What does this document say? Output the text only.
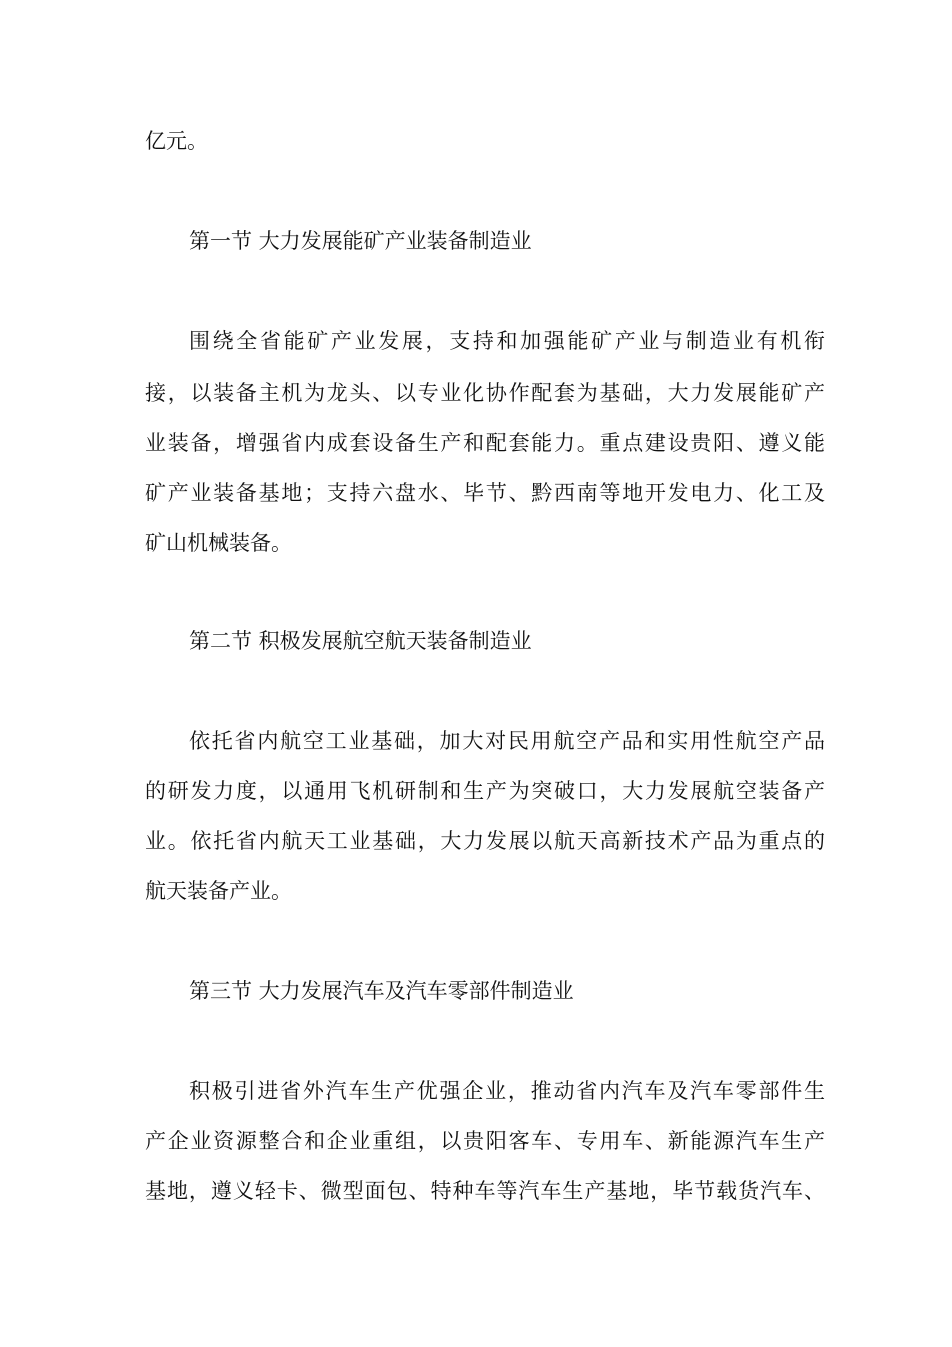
亿元。

第一节 大力发展能矿产业装备制造业

围绕全省能矿产业发展，支持和加强能矿产业与制造业有机衔

接，以装备主机为龙头、以专业化协作配套为基础，大力发展能矿产

业装备，增强省内成套设备生产和配套能力。重点建设贵阳、遵义能

矿产业装备基地；支持六盘水、毕节、黔西南等地开发电力、化工及

矿山机械装备。

第二节 积极发展航空航天装备制造业

依托省内航空工业基础，加大对民用航空产品和实用性航空产品

的研发力度，以通用飞机研制和生产为突破口，大力发展航空装备产

业。依托省内航天工业基础，大力发展以航天高新技术产品为重点的

航天装备产业。

第三节 大力发展汽车及汽车零部件制造业

积极引进省外汽车生产优强企业，推动省内汽车及汽车零部件生

产企业资源整合和企业重组，以贵阳客车、专用车、新能源汽车生产

基地，遵义轻卡、微型面包、特种车等汽车生产基地，毕节载货汽车、
